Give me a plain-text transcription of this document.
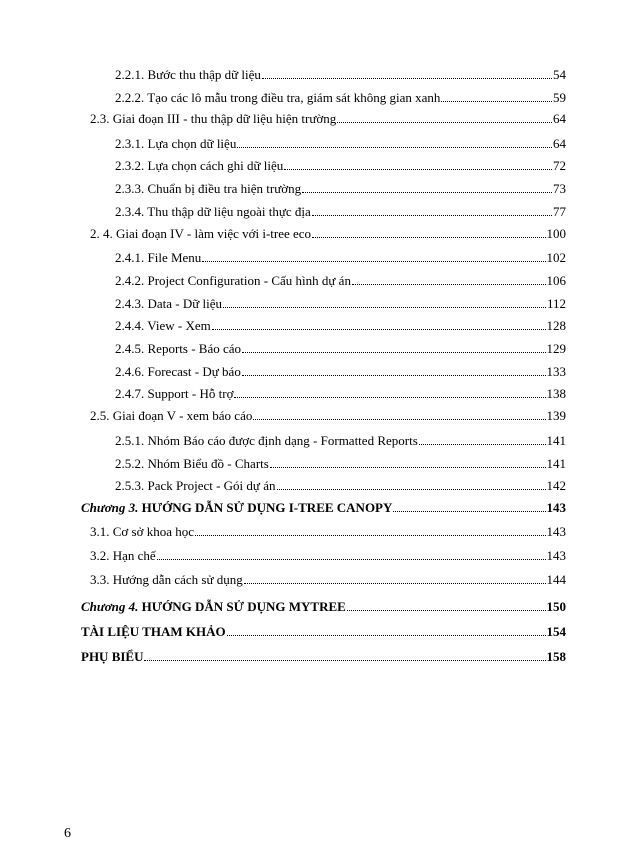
2.2.1. Bước thu thập dữ liệu	54
2.2.2. Tạo các lô mẫu trong điều tra, giám sát không gian xanh	59
2.3. Giai đoạn III - thu thập dữ liệu hiện trường	64
2.3.1. Lựa chọn dữ liệu	64
2.3.2. Lựa chọn cách ghi dữ liệu	72
2.3.3. Chuẩn bị điều tra hiện trường	73
2.3.4. Thu thập dữ liệu ngoài thực địa	77
2. 4. Giai đoạn IV - làm việc với i-tree eco	100
2.4.1. File Menu	102
2.4.2. Project Configuration - Cấu hình dự án	106
2.4.3. Data - Dữ liệu	112
2.4.4. View - Xem	128
2.4.5. Reports - Báo cáo	129
2.4.6. Forecast - Dự báo	133
2.4.7. Support - Hỗ trợ	138
2.5. Giai đoạn V - xem báo cáo	139
2.5.1. Nhóm Báo cáo được định dạng - Formatted Reports	141
2.5.2. Nhóm Biểu đồ - Charts	141
2.5.3. Pack Project - Gói dự án	142
Chương 3. HƯỚNG DẪN SỬ DỤNG I-TREE CANOPY	143
3.1. Cơ sở khoa học	143
3.2. Hạn chế	143
3.3. Hướng dẫn cách sử dụng	144
Chương 4. HƯỚNG DẪN SỬ DỤNG MYTREE	150
TÀI LIỆU THAM KHẢO	154
PHỤ BIỂU	158
6
